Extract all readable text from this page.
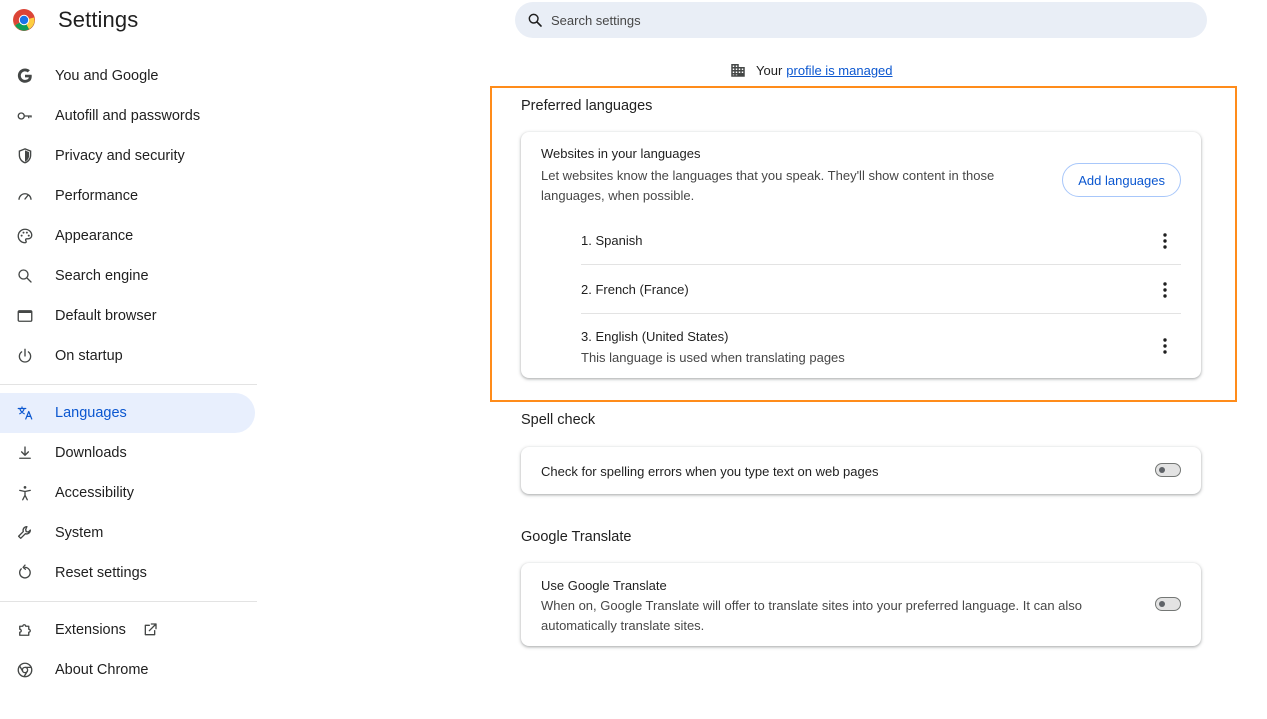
Settings	Search settings
You and Google
Autofill and passwords
Privacy and security
Performance
Appearance
Search engine
Default browser
On startup
Languages
Downloads
Accessibility
System
Reset settings
Extensions
About Chrome
Your profile is managed
Preferred languages
Websites in your languages
Let websites know the languages that you speak. They'll show content in those languages, when possible.
Add languages
1. Spanish
2. French (France)
3. English (United States)
This language is used when translating pages
Spell check
Check for spelling errors when you type text on web pages
Google Translate
Use Google Translate
When on, Google Translate will offer to translate sites into your preferred language. It can also automatically translate sites.
